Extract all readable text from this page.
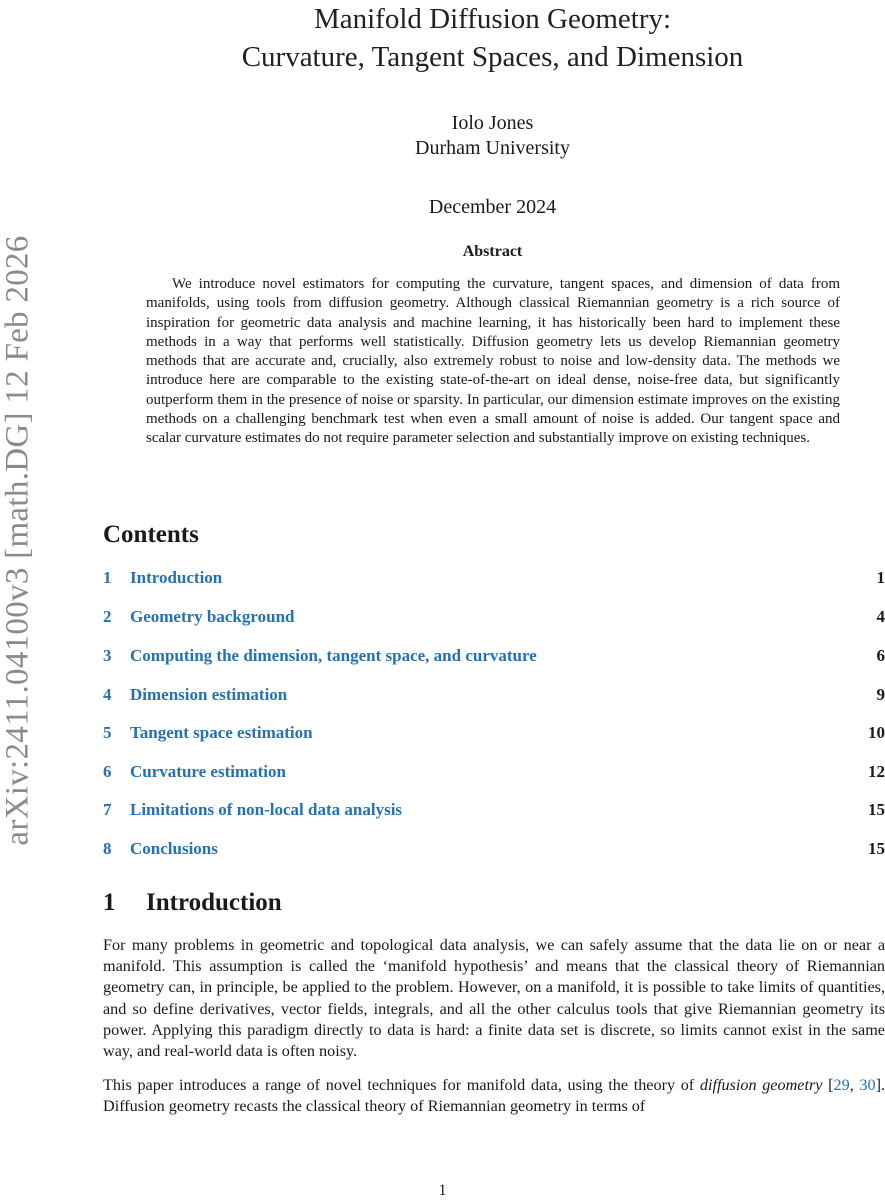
arXiv:2411.04100v3 [math.DG] 12 Feb 2026
Manifold Diffusion Geometry:
Curvature, Tangent Spaces, and Dimension
Iolo Jones
Durham University
December 2024
Abstract

We introduce novel estimators for computing the curvature, tangent spaces, and dimension of data from manifolds, using tools from diffusion geometry. Although classical Riemannian geometry is a rich source of inspiration for geometric data analysis and machine learning, it has historically been hard to implement these methods in a way that performs well statistically. Diffusion geometry lets us develop Riemannian geometry methods that are accurate and, crucially, also extremely robust to noise and low-density data. The methods we introduce here are comparable to the existing state-of-the-art on ideal dense, noise-free data, but significantly outperform them in the presence of noise or sparsity. In particular, our dimension estimate improves on the existing methods on a challenging benchmark test when even a small amount of noise is added. Our tangent space and scalar curvature estimates do not require parameter selection and substantially improve on existing techniques.

Contents
1	Introduction	1
2	Geometry background	4
3	Computing the dimension, tangent space, and curvature	6
4	Dimension estimation	9
5	Tangent space estimation	10
6	Curvature estimation	12
7	Limitations of non-local data analysis	15
8	Conclusions	15
1	Introduction

For many problems in geometric and topological data analysis, we can safely assume that the data lie on or near a manifold. This assumption is called the ‘manifold hypothesis’ and means that the classical theory of Riemannian geometry can, in principle, be applied to the problem. However, on a manifold, it is possible to take limits of quantities, and so define derivatives, vector fields, integrals, and all the other calculus tools that give Riemannian geometry its power. Applying this paradigm directly to data is hard: a finite data set is discrete, so limits cannot exist in the same way, and real-world data is often noisy.

This paper introduces a range of novel techniques for manifold data, using the theory of diffusion geometry [29, 30]. Diffusion geometry recasts the classical theory of Riemannian geometry in terms of

1
